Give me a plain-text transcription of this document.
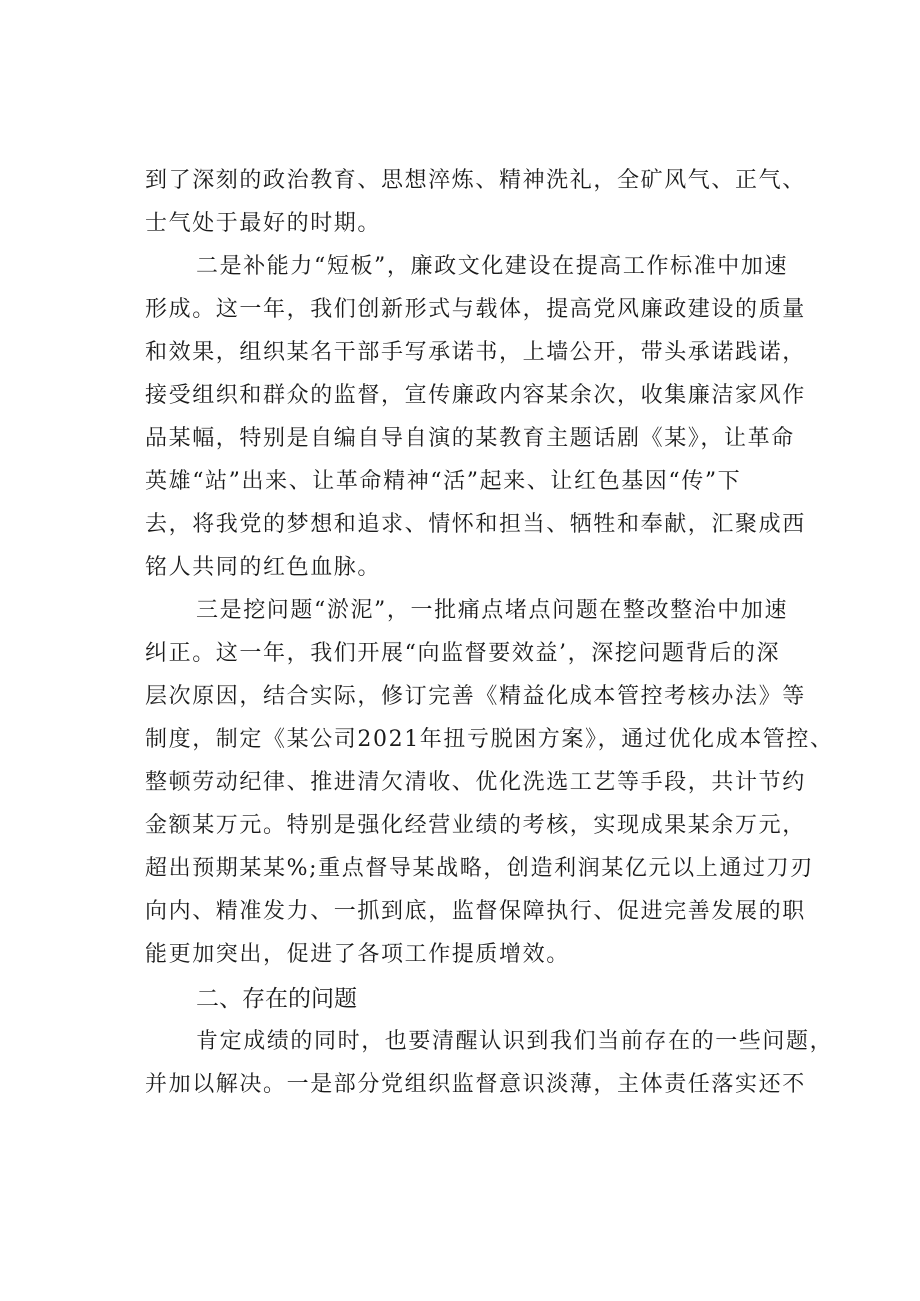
到了深刻的政治教育、思想淬炼、精神洗礼，全矿风气、正气、
士气处于最好的时期。
二是补能力“短板”，廉政文化建设在提高工作标准中加速
形成。这一年，我们创新形式与载体，提高党风廉政建设的质量
和效果，组织某名干部手写承诺书，上墙公开，带头承诺践诺，
接受组织和群众的监督，宣传廉政内容某余次，收集廉洁家风作
品某幅，特别是自编自导自演的某教育主题话剧《某》，让革命
英雄“站”出来、让革命精神“活”起来、让红色基因“传”下
去，将我党的梦想和追求、情怀和担当、牺牲和奉献，汇聚成西
铭人共同的红色血脉。
三是挖问题“淤泥”，一批痛点堵点问题在整改整治中加速
纠正。这一年，我们开展“向监督要效益’，深挖问题背后的深
层次原因，结合实际，修订完善《精益化成本管控考核办法》等
制度，制定《某公司2021年扭亏脱困方案》，通过优化成本管控、
整顿劳动纪律、推进清欠清收、优化洗选工艺等手段，共计节约
金额某万元。特别是强化经营业绩的考核，实现成果某余万元，
超出预期某某%;重点督导某战略，创造利润某亿元以上通过刀刃
向内、精准发力、一抓到底，监督保障执行、促进完善发展的职
能更加突出，促进了各项工作提质增效。
二、存在的问题
肯定成绩的同时，也要清醒认识到我们当前存在的一些问题，
并加以解决。一是部分党组织监督意识淡薄，主体责任落实还不
